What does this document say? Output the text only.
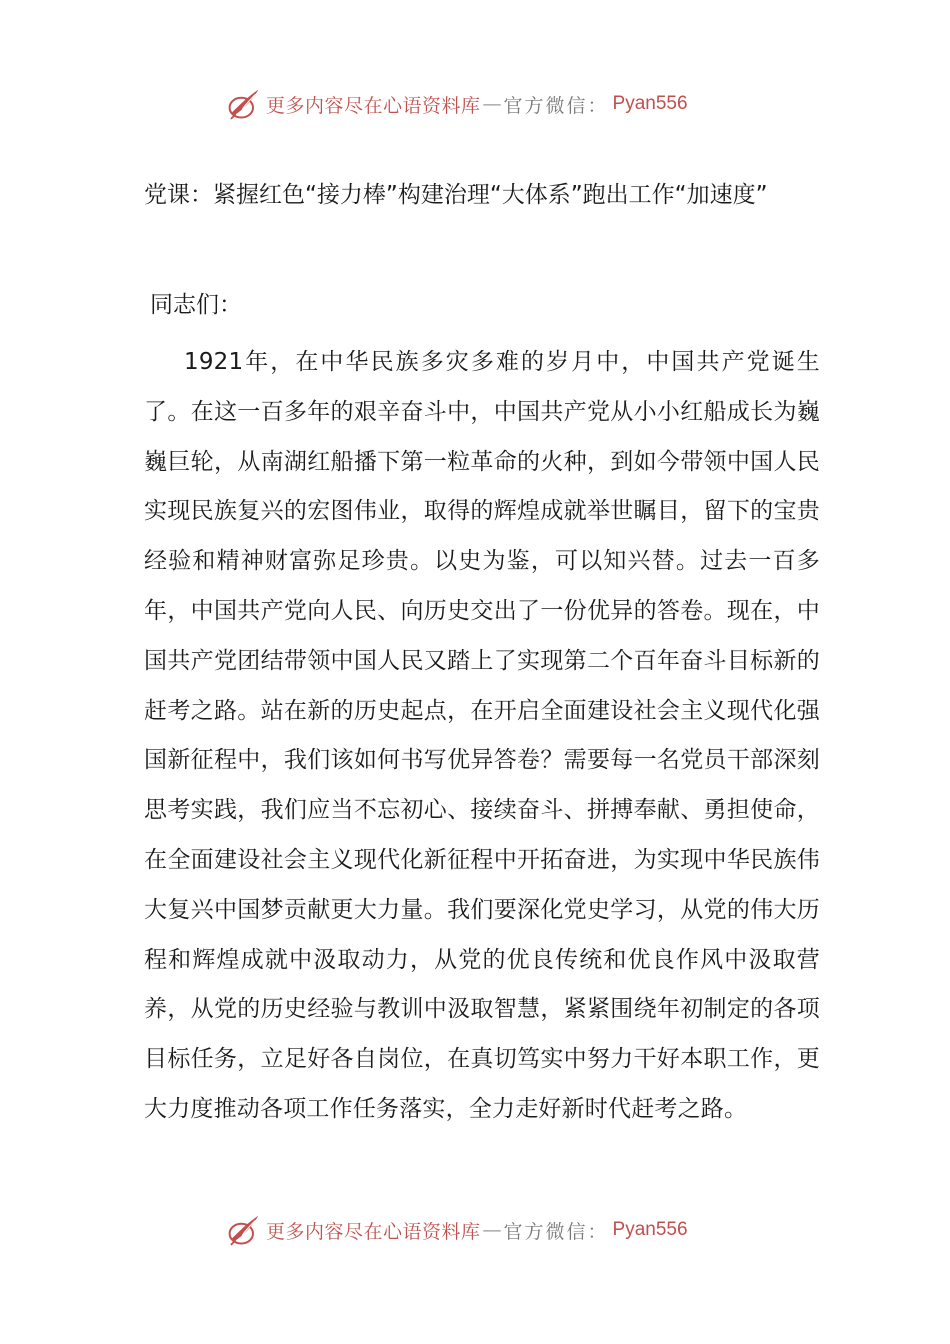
更多内容尽在心语资料库 — 官方微信： Pyan556
党课：紧握红色“接力棒”构建治理“大体系”跑出工作“加速度”

同志们：

1921年，在中华民族多灾多难的岁月中，中国共产党诞生了。在这一百多年的艰辛奋斗中，中国共产党从小小红船成长为巍巍巨轮，从南湖红船播下第一粒革命的火种，到如今带领中国人民实现民族复兴的宏图伟业，取得的辉煌成就举世瞩目，留下的宝贵经验和精神财富弥足珍贵。以史为鉴，可以知兴替。过去一百多年，中国共产党向人民、向历史交出了一份优异的答卷。现在，中国共产党团结带领中国人民又踏上了实现第二个百年奋斗目标新的赶考之路。站在新的历史起点，在开启全面建设社会主义现代化强国新征程中，我们该如何书写优异答卷？需要每一名党员干部深刻思考实践，我们应当不忘初心、接续奋斗、拼搏奉献、勇担使命，在全面建设社会主义现代化新征程中开拓奋进，为实现中华民族伟大复兴中国梦贡献更大力量。我们要深化党史学习，从党的伟大历程和辉煌成就中汲取动力，从党的优良传统和优良作风中汲取营养，从党的历史经验与教训中汲取智慧，紧紧围绕年初制定的各项目标任务，立足好各自岗位，在真切笃实中努力干好本职工作，更大力度推动各项工作任务落实，全力走好新时代赶考之路。

更多内容尽在心语资料库 — 官方微信： Pyan556
